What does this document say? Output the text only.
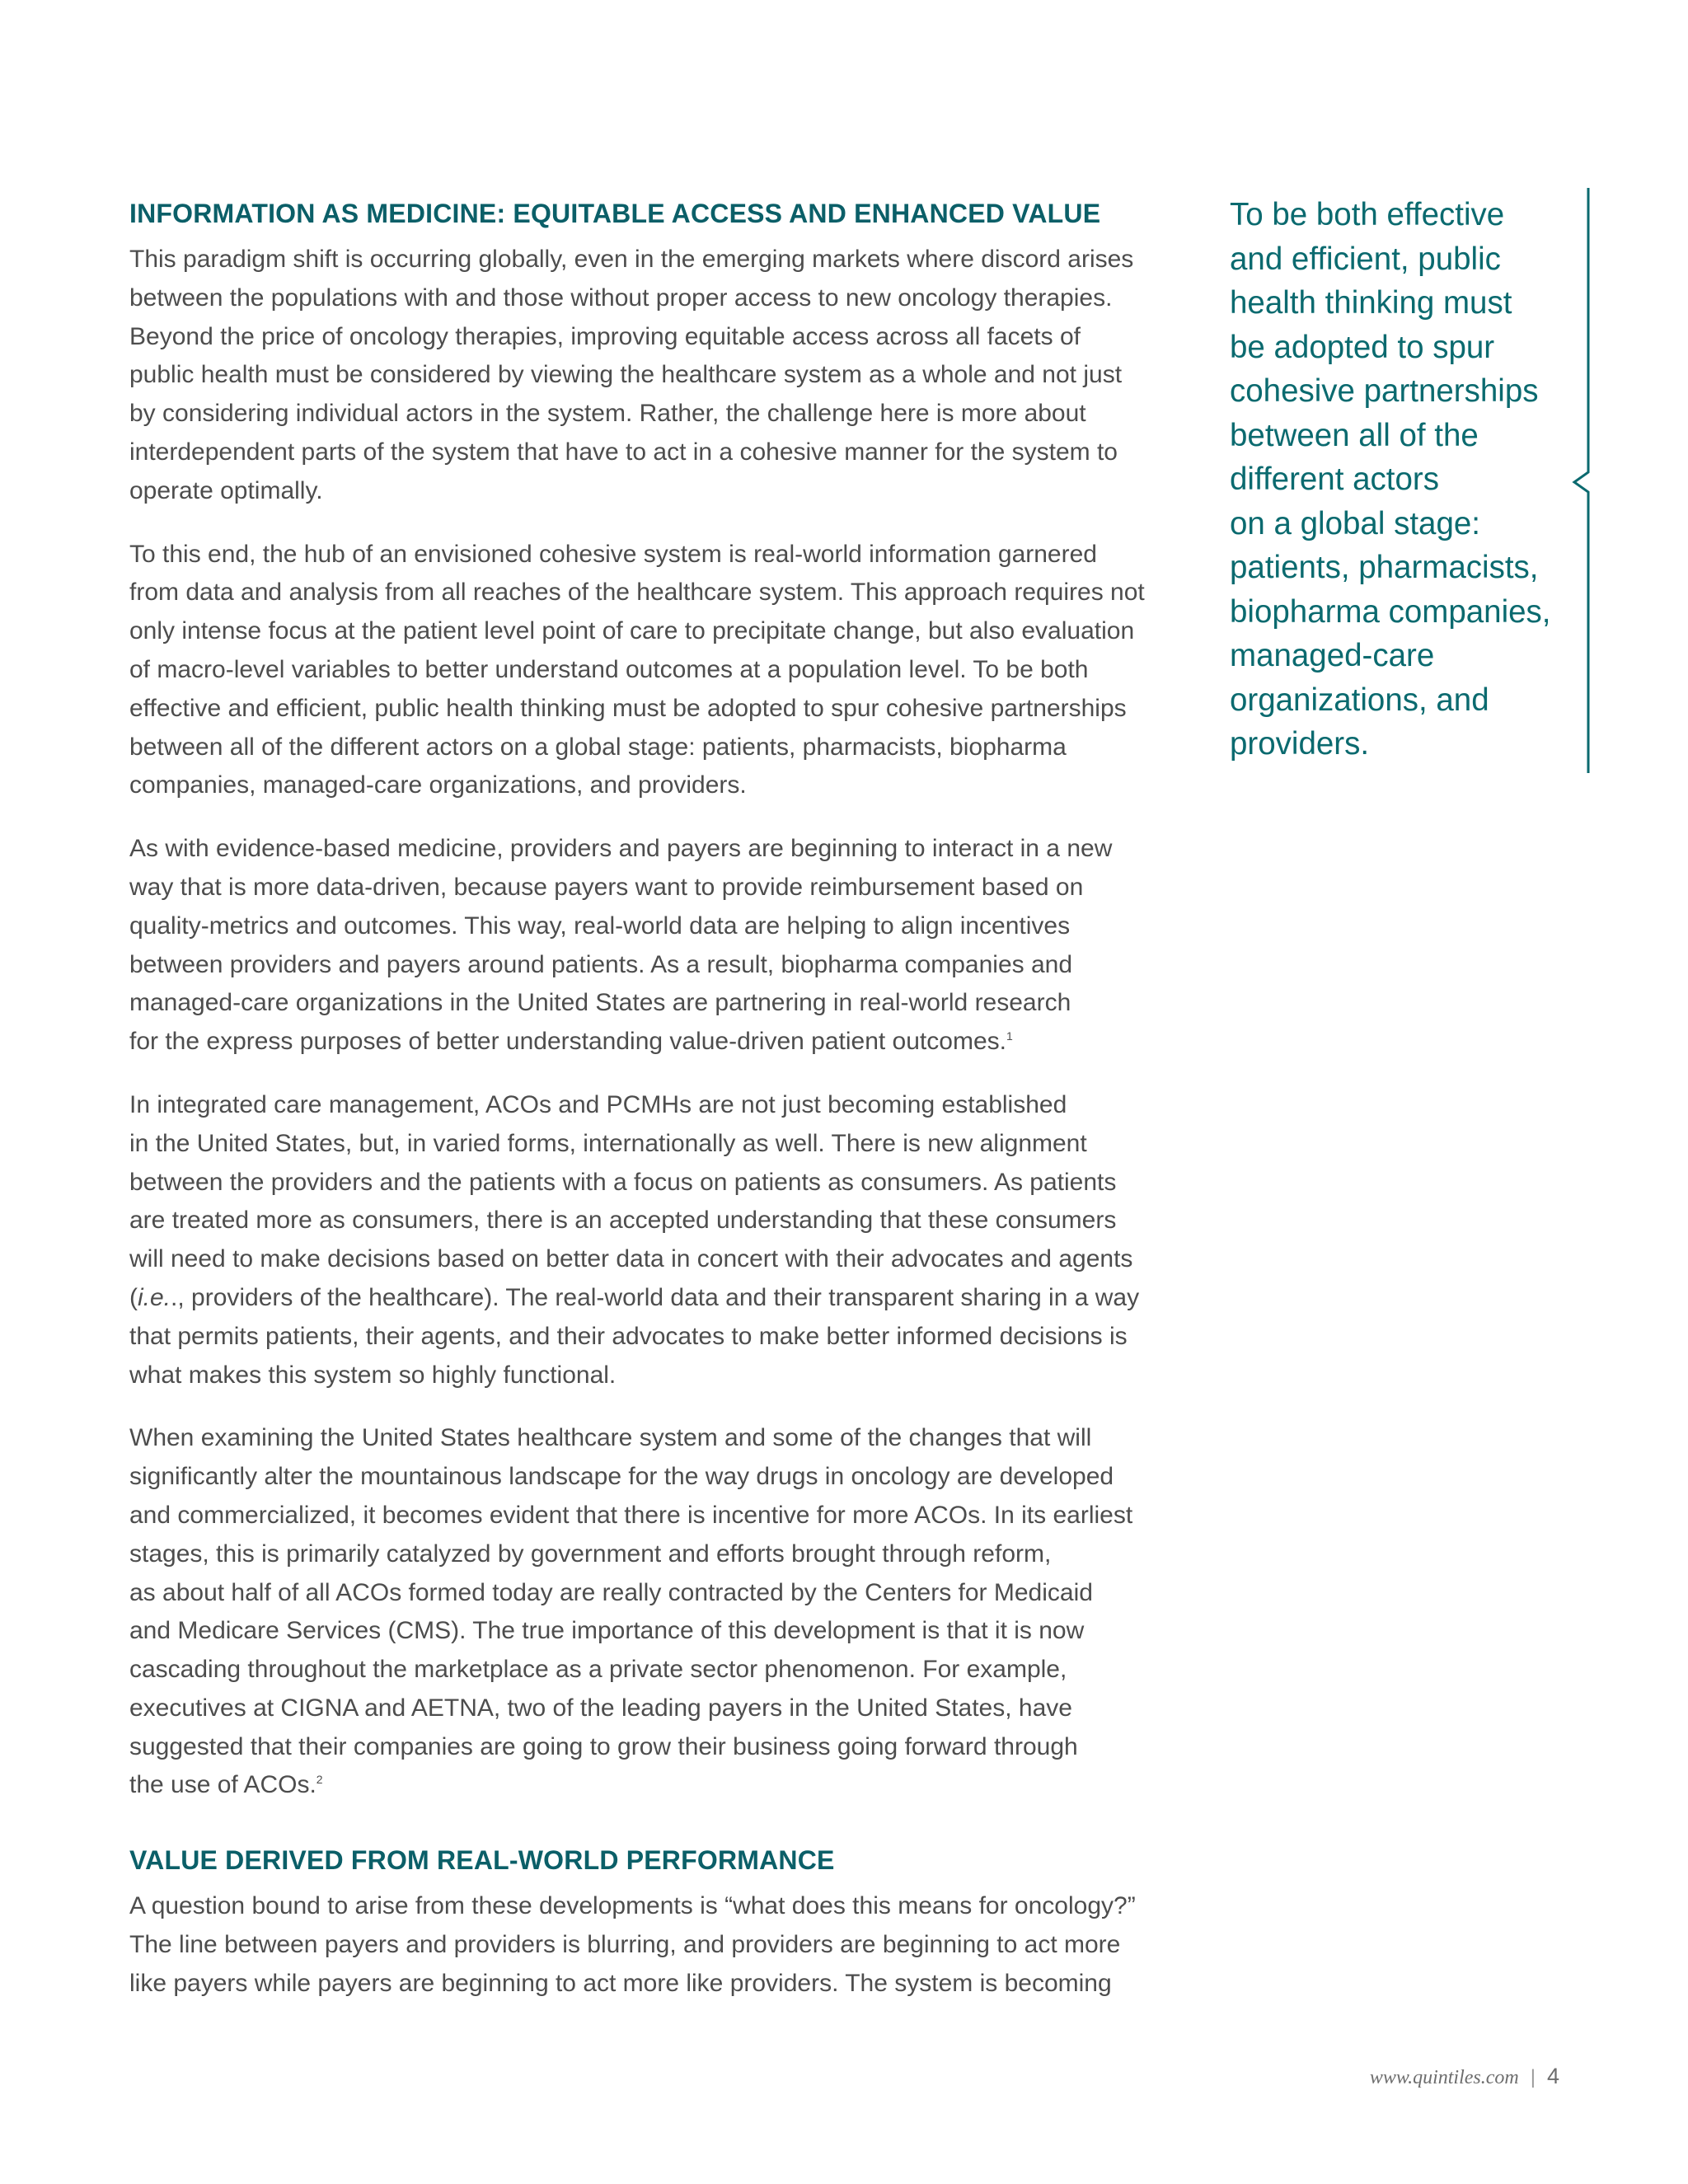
INFORMATION AS MEDICINE: EQUITABLE ACCESS AND ENHANCED VALUE

This paradigm shift is occurring globally, even in the emerging markets where discord arises
between the populations with and those without proper access to new oncology therapies.
Beyond the price of oncology therapies, improving equitable access across all facets of
public health must be considered by viewing the healthcare system as a whole and not just
by considering individual actors in the system. Rather, the challenge here is more about
interdependent parts of the system that have to act in a cohesive manner for the system to
operate optimally.

To this end, the hub of an envisioned cohesive system is real-world information garnered
from data and analysis from all reaches of the healthcare system. This approach requires not
only intense focus at the patient level point of care to precipitate change, but also evaluation
of macro-level variables to better understand outcomes at a population level. To be both
effective and efficient, public health thinking must be adopted to spur cohesive partnerships
between all of the different actors on a global stage: patients, pharmacists, biopharma
companies, managed-care organizations, and providers.

As with evidence-based medicine, providers and payers are beginning to interact in a new
way that is more data-driven, because payers want to provide reimbursement based on
quality-metrics and outcomes. This way, real-world data are helping to align incentives
between providers and payers around patients. As a result, biopharma companies and
managed-care organizations in the United States are partnering in real-world research
for the express purposes of better understanding value-driven patient outcomes.$^1$

In integrated care management, ACOs and PCMHs are not just becoming established
in the United States, but, in varied forms, internationally as well. There is new alignment
between the providers and the patients with a focus on patients as consumers. As patients
are treated more as consumers, there is an accepted understanding that these consumers
will need to make decisions based on better data in concert with their advocates and agents
(i.e.., providers of the healthcare). The real-world data and their transparent sharing in a way
that permits patients, their agents, and their advocates to make better informed decisions is
what makes this system so highly functional.

When examining the United States healthcare system and some of the changes that will
significantly alter the mountainous landscape for the way drugs in oncology are developed
and commercialized, it becomes evident that there is incentive for more ACOs. In its earliest
stages, this is primarily catalyzed by government and efforts brought through reform,
as about half of all ACOs formed today are really contracted by the Centers for Medicaid
and Medicare Services (CMS). The true importance of this development is that it is now
cascading throughout the marketplace as a private sector phenomenon. For example,
executives at CIGNA and AETNA, two of the leading payers in the United States, have
suggested that their companies are going to grow their business going forward through
the use of ACOs.$^2$

VALUE DERIVED FROM REAL-WORLD PERFORMANCE

A question bound to arise from these developments is “what does this means for oncology?”
The line between payers and providers is blurring, and providers are beginning to act more
like payers while payers are beginning to act more like providers. The system is becoming

To be both effective
and efficient, public
health thinking must
be adopted to spur
cohesive partnerships
between all of the
different actors
on a global stage:
patients, pharmacists,
biopharma companies,
managed-care
organizations, and
providers.
www.quintiles.com | 4
